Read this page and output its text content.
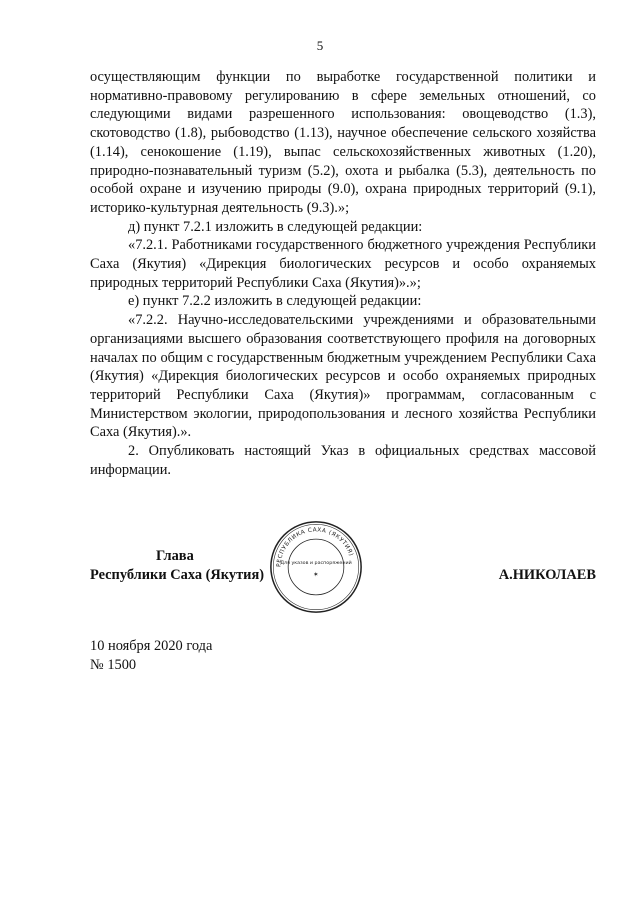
5

осуществляющим функции по выработке государственной политики и нормативно-правовому регулированию в сфере земельных отношений, со следующими видами разрешенного использования: овощеводство (1.3), скотоводство (1.8), рыбоводство (1.13), научное обеспечение сельского хозяйства (1.14), сенокошение (1.19), выпас сельскохозяйственных животных (1.20), природно-познавательный туризм (5.2), охота и рыбалка (5.3), деятельность по особой охране и изучению природы (9.0), охрана природных территорий (9.1), историко-культурная деятельность (9.3).»;

д) пункт 7.2.1 изложить в следующей редакции:

«7.2.1. Работниками государственного бюджетного учреждения Республики Саха (Якутия) «Дирекция биологических ресурсов и особо охраняемых природных территорий Республики Саха (Якутия)».»;

е) пункт 7.2.2 изложить в следующей редакции:

«7.2.2. Научно-исследовательскими учреждениями и образовательными организациями высшего образования соответствующего профиля на договорных началах по общим с государственным бюджетным учреждением Республики Саха (Якутия) «Дирекция биологических ресурсов и особо охраняемых природных территорий Республики Саха (Якутия)» программам, согласованным с Министерством экологии, природопользования и лесного хозяйства Республики Саха (Якутия).».

2. Опубликовать настоящий Указ в официальных средствах массовой информации.

Глава
Республики Саха (Якутия)	А.НИКОЛАЕВ
РЕСПУБЛИКА САХА (ЯКУТИЯ)
Для указов и распоряжений
✶
10 ноября 2020 года
№ 1500
